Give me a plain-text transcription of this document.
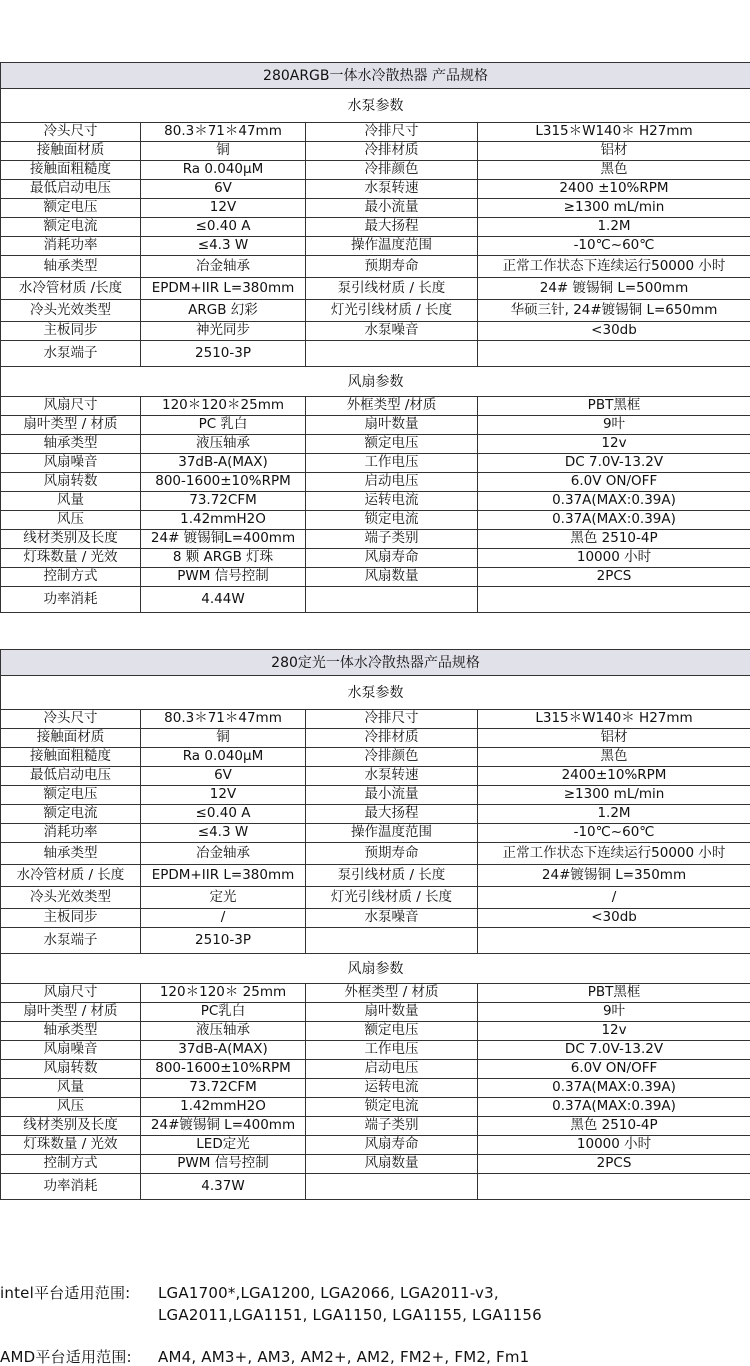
280ARGB一体水冷散热器 产品规格			
水泵参数			
冷头尺寸	80.3＊71＊47mm	冷排尺寸	L315＊W140＊ H27mm
接触面材质	铜	冷排材质	铝材
接触面粗糙度	Ra 0.040μM	冷排颜色	黑色
最低启动电压	6V	水泵转速	2400 ±10%RPM
额定电压	12V	最小流量	≥1300 mL/min
额定电流	≤0.40 A	最大扬程	1.2M
消耗功率	≤4.3 W	操作温度范围	-10℃~60℃
轴承类型	冶金轴承	预期寿命	正常工作状态下连续运行50000 小时
水冷管材质 /长度	EPDM+IIR L=380mm	泵引线材质 / 长度	24# 镀锡铜 L=500mm
冷头光效类型	ARGB 幻彩	灯光引线材质 / 长度	华硕三针, 24#镀锡铜 L=650mm
主板同步	神光同步	水泵噪音	<30db
水泵端子	2510-3P		
风扇参数			
风扇尺寸	120＊120＊25mm	外框类型 /材质	PBT黑框
扇叶类型 / 材质	PC 乳白	扇叶数量	9叶
轴承类型	液压轴承	额定电压	12v
风扇噪音	37dB-A(MAX)	工作电压	DC 7.0V-13.2V
风扇转数	800-1600±10%RPM	启动电压	6.0V ON/OFF
风量	73.72CFM	运转电流	0.37A(MAX:0.39A)
风压	1.42mmH2O	锁定电流	0.37A(MAX:0.39A)
线材类别及长度	24# 镀锡铜L=400mm	端子类别	黑色 2510-4P
灯珠数量 / 光效	8 颗 ARGB 灯珠	风扇寿命	10000 小时
控制方式	PWM 信号控制	风扇数量	2PCS
功率消耗	4.44W		
280定光一体水冷散热器产品规格			
水泵参数			
冷头尺寸	80.3＊71＊47mm	冷排尺寸	L315＊W140＊ H27mm
接触面材质	铜	冷排材质	铝材
接触面粗糙度	Ra 0.040μM	冷排颜色	黑色
最低启动电压	6V	水泵转速	2400±10%RPM
额定电压	12V	最小流量	≥1300 mL/min
额定电流	≤0.40 A	最大扬程	1.2M
消耗功率	≤4.3 W	操作温度范围	-10℃~60℃
轴承类型	冶金轴承	预期寿命	正常工作状态下连续运行50000 小时
水冷管材质 / 长度	EPDM+IIR L=380mm	泵引线材质 / 长度	24#镀锡铜 L=350mm
冷头光效类型	定光	灯光引线材质 / 长度	/
主板同步	/	水泵噪音	<30db
水泵端子	2510-3P		
风扇参数			
风扇尺寸	120＊120＊ 25mm	外框类型 / 材质	PBT黑框
扇叶类型 / 材质	PC乳白	扇叶数量	9叶
轴承类型	液压轴承	额定电压	12v
风扇噪音	37dB-A(MAX)	工作电压	DC 7.0V-13.2V
风扇转数	800-1600±10%RPM	启动电压	6.0V ON/OFF
风量	73.72CFM	运转电流	0.37A(MAX:0.39A)
风压	1.42mmH2O	锁定电流	0.37A(MAX:0.39A)
线材类别及长度	24#镀锡铜 L=400mm	端子类别	黑色 2510-4P
灯珠数量 / 光效	LED定光	风扇寿命	10000 小时
控制方式	PWM 信号控制	风扇数量	2PCS
功率消耗	4.37W		
intel平台适用范围: LGA1700*,LGA1200, LGA2066, LGA2011-v3,
LGA2011,LGA1151, LGA1150, LGA1155, LGA1156
AMD平台适用范围: AM4, AM3+, AM3, AM2+, AM2, FM2+, FM2, Fm1
